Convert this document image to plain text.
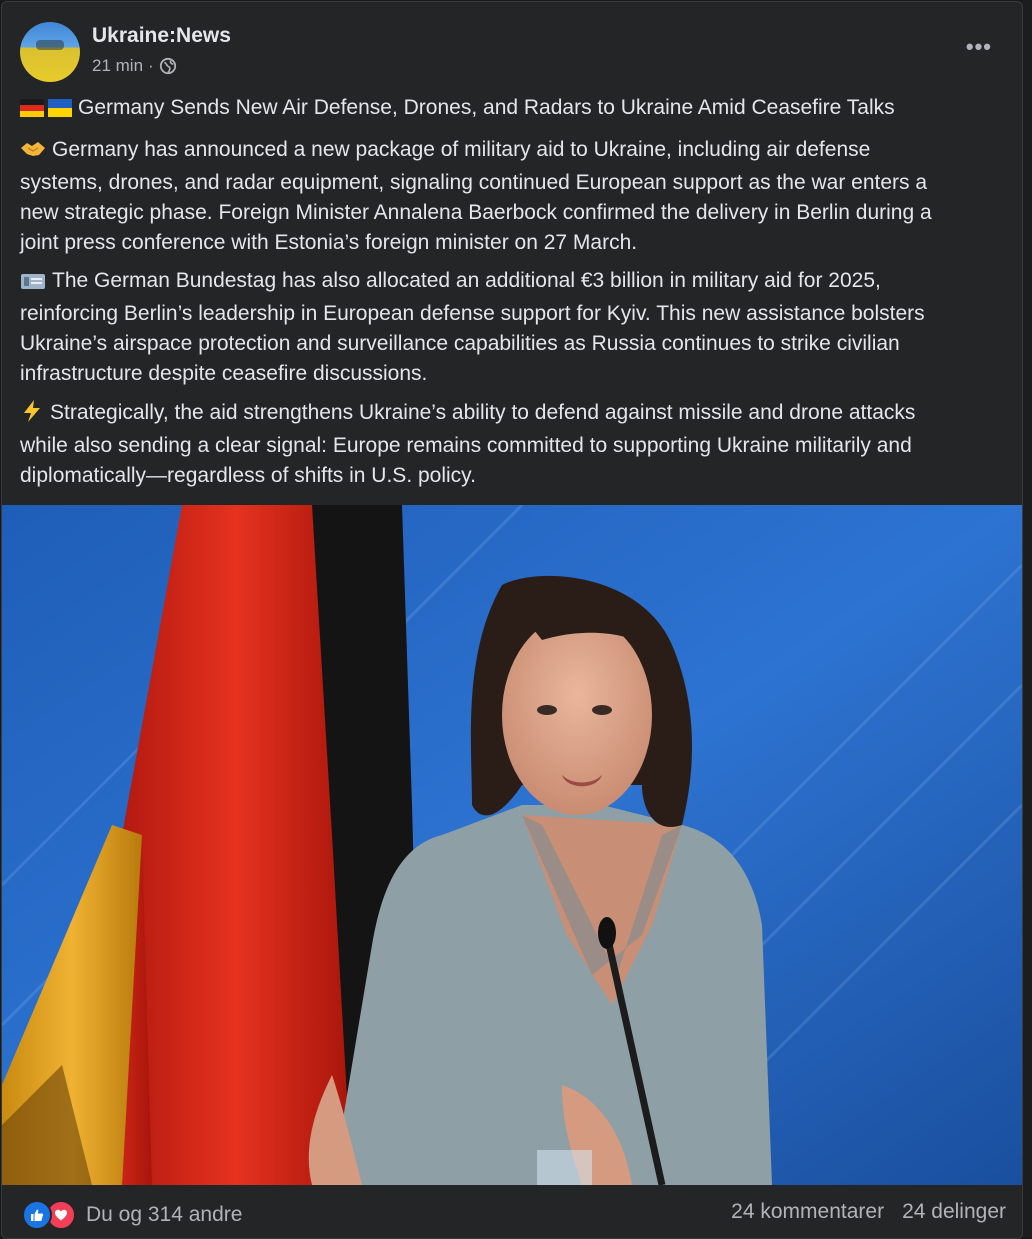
Ukraine:News
21 min ·
•••
Germany Sends New Air Defense, Drones, and Radars to Ukraine Amid Ceasefire Talks
Germany has announced a new package of military aid to Ukraine, including air defense
systems, drones, and radar equipment, signaling continued European support as the war enters a
new strategic phase. Foreign Minister Annalena Baerbock confirmed the delivery in Berlin during a
joint press conference with Estonia’s foreign minister on 27 March.
The German Bundestag has also allocated an additional €3 billion in military aid for 2025,
reinforcing Berlin’s leadership in European defense support for Kyiv. This new assistance bolsters
Ukraine’s airspace protection and surveillance capabilities as Russia continues to strike civilian
infrastructure despite ceasefire discussions.
Strategically, the aid strengthens Ukraine’s ability to defend against missile and drone attacks
while also sending a clear signal: Europe remains committed to supporting Ukraine militarily and
diplomatically—regardless of shifts in U.S. policy.
Du og 314 andre	24 kommentarer 24 delinger
